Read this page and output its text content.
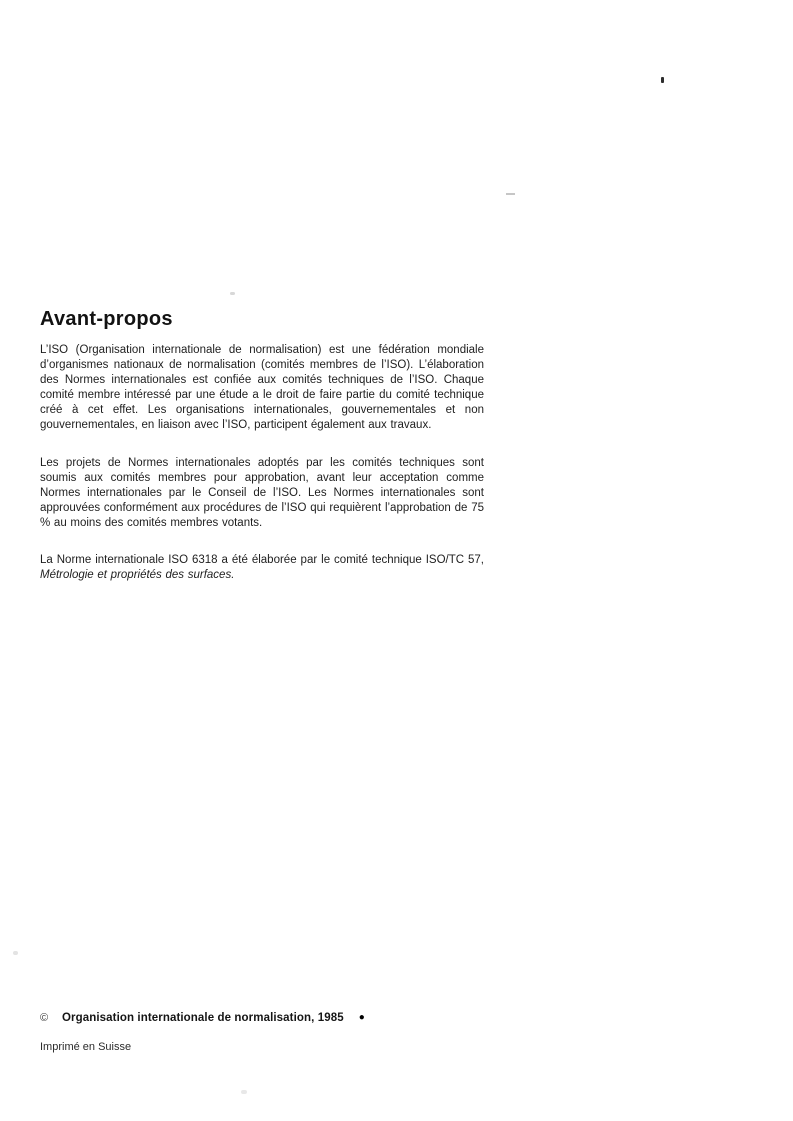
Avant-propos

L’ISO (Organisation internationale de normalisation) est une fédération mondiale d’organismes nationaux de normalisation (comités membres de l’ISO). L’élaboration des Normes internationales est confiée aux comités techniques de l’ISO. Chaque comité membre intéressé par une étude a le droit de faire partie du comité technique créé à cet effet. Les organisations internationales, gouvernementales et non gouvernementales, en liaison avec l’ISO, participent également aux travaux.

Les projets de Normes internationales adoptés par les comités techniques sont soumis aux comités membres pour approbation, avant leur acceptation comme Normes internationales par le Conseil de l’ISO. Les Normes internationales sont approuvées conformément aux procédures de l’ISO qui requièrent l’approbation de 75 % au moins des comités membres votants.

La Norme internationale ISO 6318 a été élaborée par le comité technique ISO/TC 57, Métrologie et propriétés des surfaces.

©	Organisation internationale de normalisation, 1985 ●
Imprimé en Suisse
